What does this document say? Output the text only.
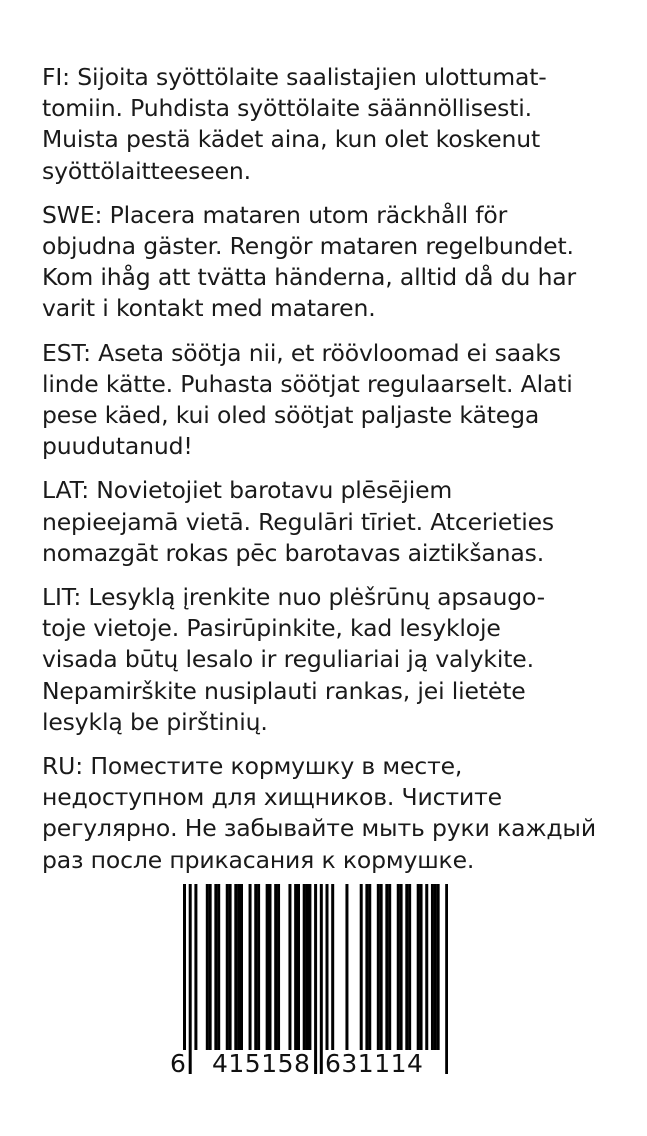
FI: Sijoita syöttölaite saalistajien ulottumat-
tomiin. Puhdista syöttölaite säännöllisesti.
Muista pestä kädet aina, kun olet koskenut
syöttölaitteeseen.

SWE: Placera mataren utom räckhåll för
objudna gäster. Rengör mataren regelbundet.
Kom ihåg att tvätta händerna, alltid då du har
varit i kontakt med mataren.

EST: Aseta söötja nii, et röövloomad ei saaks
linde kätte. Puhasta söötjat regulaarselt. Alati
pese käed, kui oled söötjat paljaste kätega
puudutanud!

LAT: Novietojiet barotavu plēsējiem
nepieejamā vietā. Regulāri tīriet. Atcerieties
nomazgāt rokas pēc barotavas aiztikšanas.

LIT: Lesyklą įrenkite nuo plėšrūnų apsaugo-
toje vietoje. Pasirūpinkite, kad lesykloje
visada būtų lesalo ir reguliariai ją valykite.
Nepamirškite nusiplauti rankas, jei lietėte
lesyklą be pirštinių.

RU: Поместите кормушку в месте,
недоступном для хищников. Чистите
регулярно. Не забывайте мыть руки каждый
раз после прикасания к кормушке.

6 415158 631114
